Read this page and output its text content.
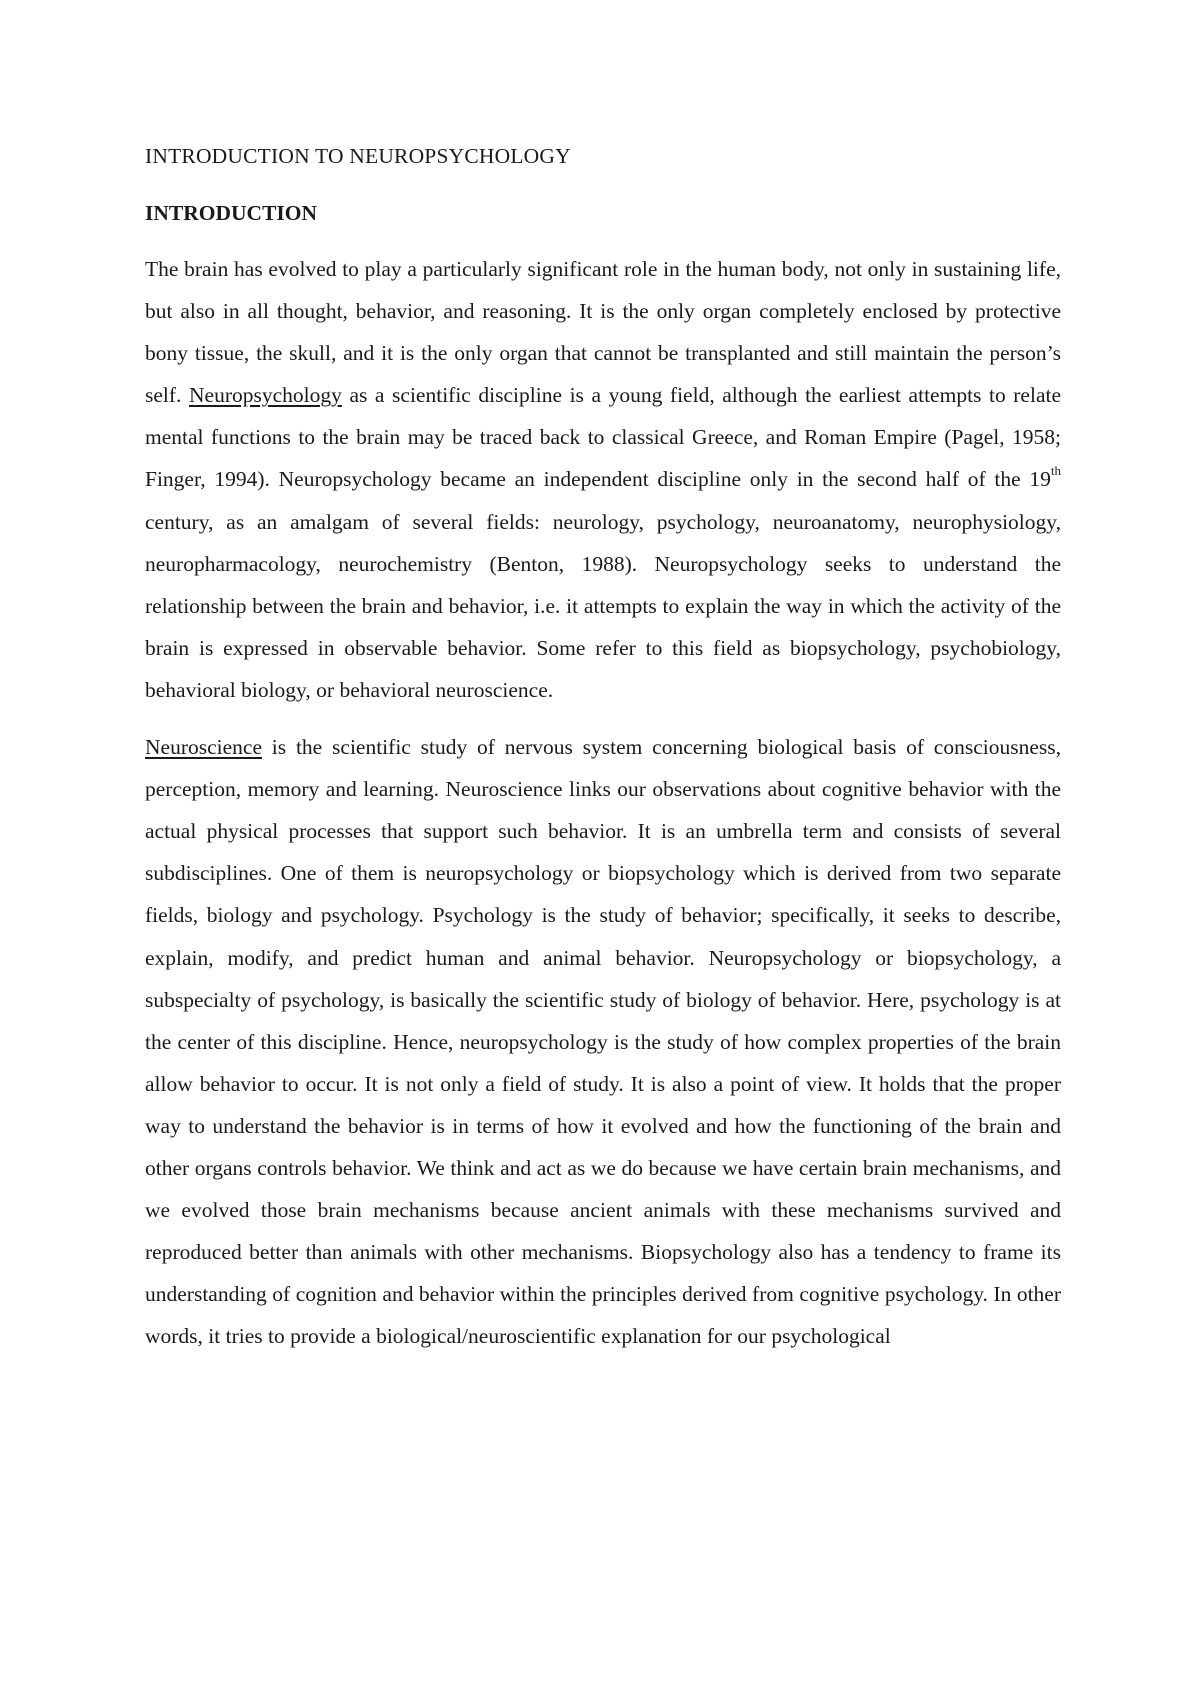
INTRODUCTION TO NEUROPSYCHOLOGY
INTRODUCTION

The brain has evolved to play a particularly significant role in the human body, not only in sustaining life, but also in all thought, behavior, and reasoning. It is the only organ completely enclosed by protective bony tissue, the skull, and it is the only organ that cannot be transplanted and still maintain the person’s self. Neuropsychology as a scientific discipline is a young field, although the earliest attempts to relate mental functions to the brain may be traced back to classical Greece, and Roman Empire (Pagel, 1958; Finger, 1994). Neuropsychology became an independent discipline only in the second half of the 19th century, as an amalgam of several fields: neurology, psychology, neuroanatomy, neurophysiology, neuropharmacology, neurochemistry (Benton, 1988). Neuropsychology seeks to understand the relationship between the brain and behavior, i.e. it attempts to explain the way in which the activity of the brain is expressed in observable behavior. Some refer to this field as biopsychology, psychobiology, behavioral biology, or behavioral neuroscience.

Neuroscience is the scientific study of nervous system concerning biological basis of consciousness, perception, memory and learning. Neuroscience links our observations about cognitive behavior with the actual physical processes that support such behavior. It is an umbrella term and consists of several subdisciplines. One of them is neuropsychology or biopsychology which is derived from two separate fields, biology and psychology. Psychology is the study of behavior; specifically, it seeks to describe, explain, modify, and predict human and animal behavior. Neuropsychology or biopsychology, a subspecialty of psychology, is basically the scientific study of biology of behavior. Here, psychology is at the center of this discipline. Hence, neuropsychology is the study of how complex properties of the brain allow behavior to occur. It is not only a field of study. It is also a point of view. It holds that the proper way to understand the behavior is in terms of how it evolved and how the functioning of the brain and other organs controls behavior. We think and act as we do because we have certain brain mechanisms, and we evolved those brain mechanisms because ancient animals with these mechanisms survived and reproduced better than animals with other mechanisms. Biopsychology also has a tendency to frame its understanding of cognition and behavior within the principles derived from cognitive psychology. In other words, it tries to provide a biological/neuroscientific explanation for our psychological
